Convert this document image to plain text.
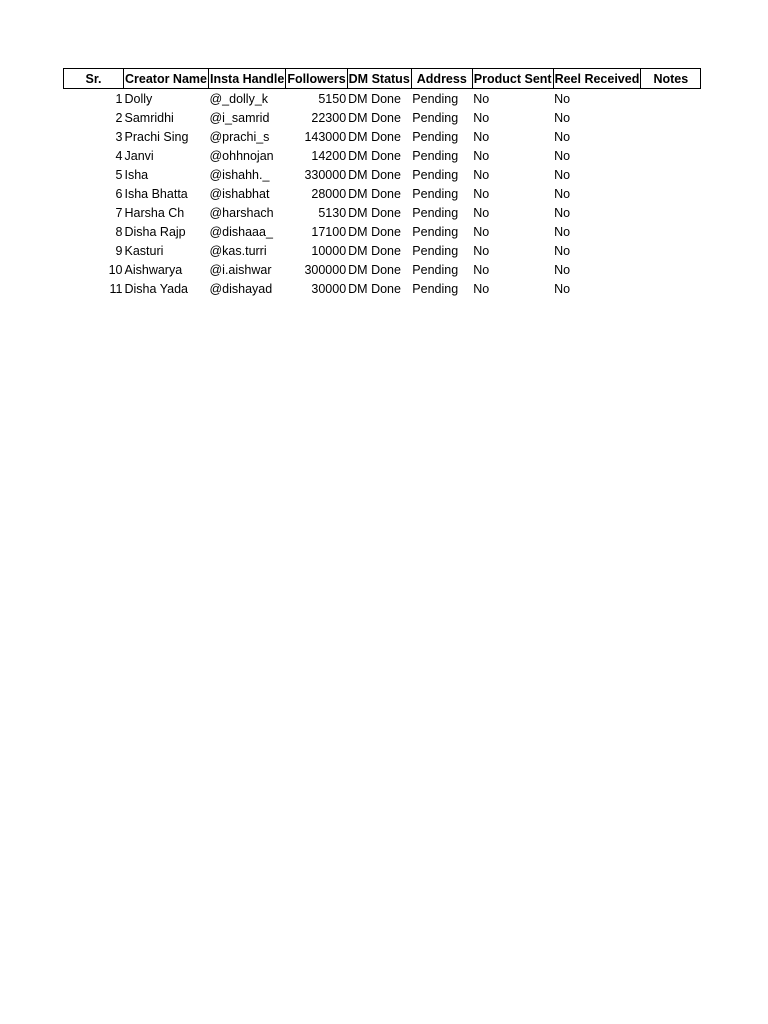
Sr.	Creator Name	Insta Handle	Followers	DM Status	Address	Product Sent	Reel Received	Notes
1	Dolly	@_dolly_k	5150	DM Done	Pending	No	No	
2	Samridhi	@i_samrid	22300	DM Done	Pending	No	No	
3	Prachi Sing	@prachi_s	143000	DM Done	Pending	No	No	
4	Janvi	@ohhnojan	14200	DM Done	Pending	No	No	
5	Isha	@ishahh._	330000	DM Done	Pending	No	No	
6	Isha Bhatta	@ishabhat	28000	DM Done	Pending	No	No	
7	Harsha Ch	@harshach	5130	DM Done	Pending	No	No	
8	Disha Rajp	@dishaaa_	17100	DM Done	Pending	No	No	
9	Kasturi	@kas.turri	10000	DM Done	Pending	No	No	
10	Aishwarya	@i.aishwar	300000	DM Done	Pending	No	No	
11	Disha Yada	@dishayad	30000	DM Done	Pending	No	No	
